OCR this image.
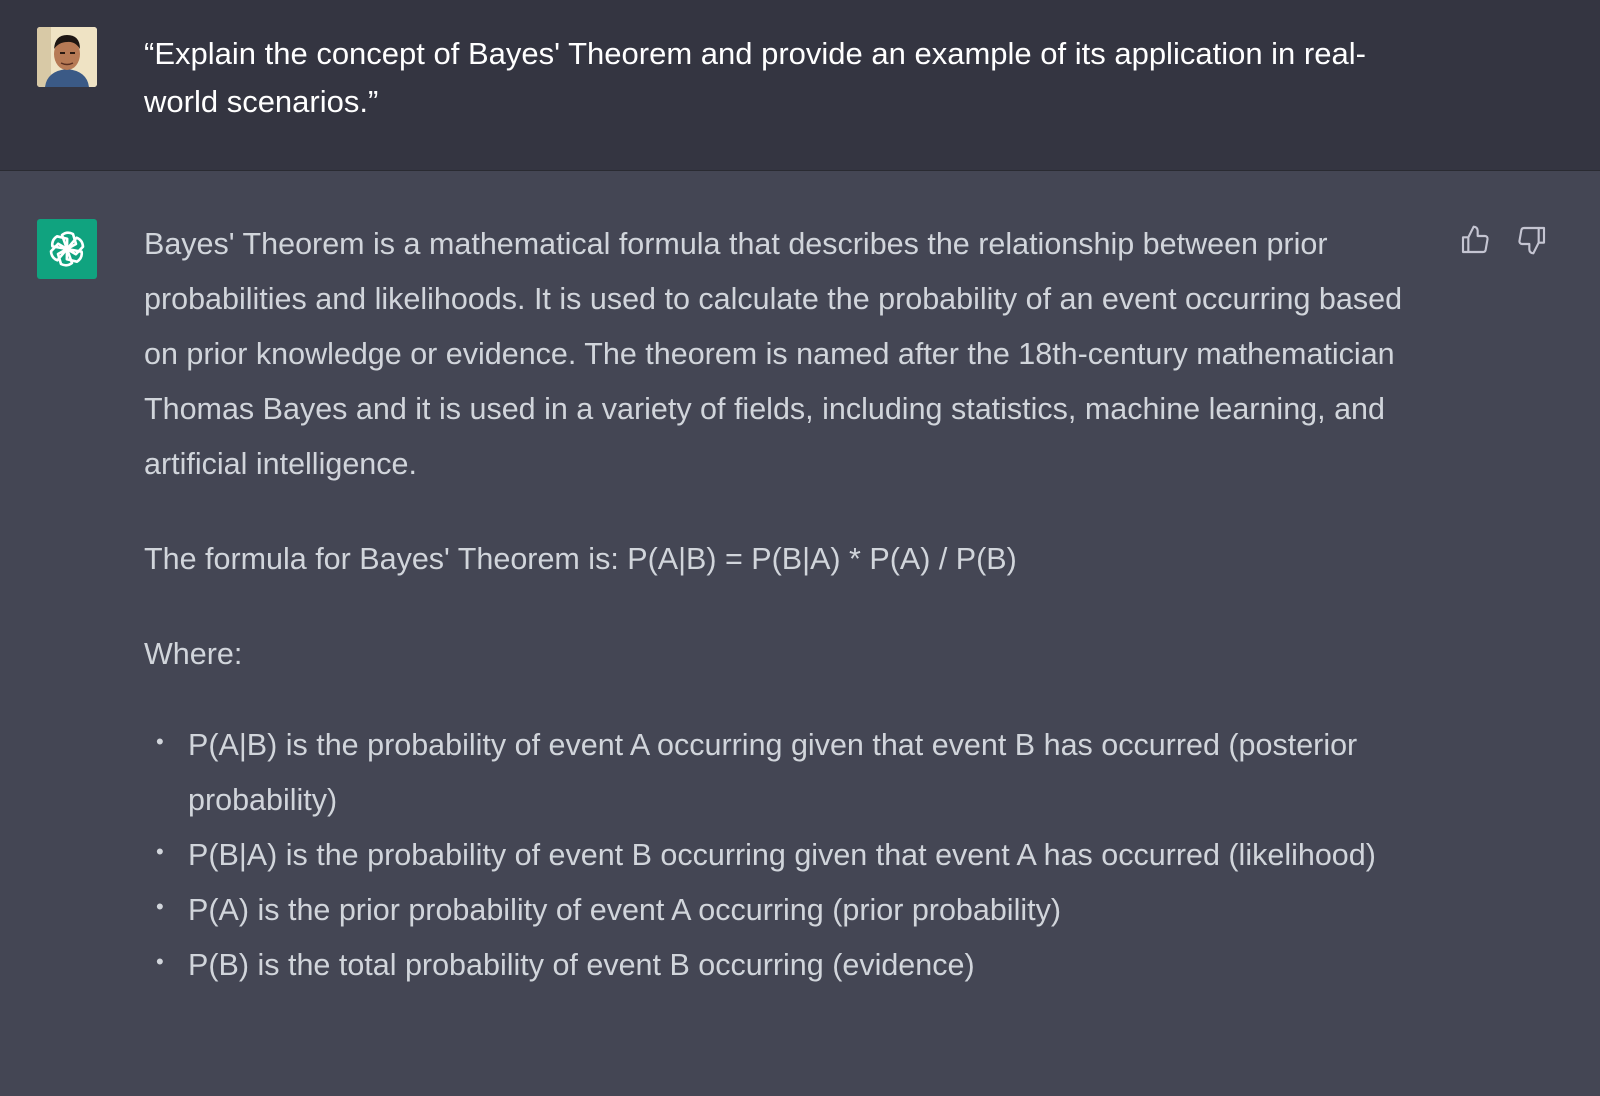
“Explain the concept of Bayes' Theorem and provide an example of its application in real-world scenarios.”

Bayes' Theorem is a mathematical formula that describes the relationship between prior probabilities and likelihoods. It is used to calculate the probability of an event occurring based on prior knowledge or evidence. The theorem is named after the 18th-century mathematician Thomas Bayes and it is used in a variety of fields, including statistics, machine learning, and artificial intelligence.

The formula for Bayes' Theorem is: P(A|B) = P(B|A) * P(A) / P(B)

Where:

• P(A|B) is the probability of event A occurring given that event B has occurred (posterior probability)
• P(B|A) is the probability of event B occurring given that event A has occurred (likelihood)
• P(A) is the prior probability of event A occurring (prior probability)
• P(B) is the total probability of event B occurring (evidence)
